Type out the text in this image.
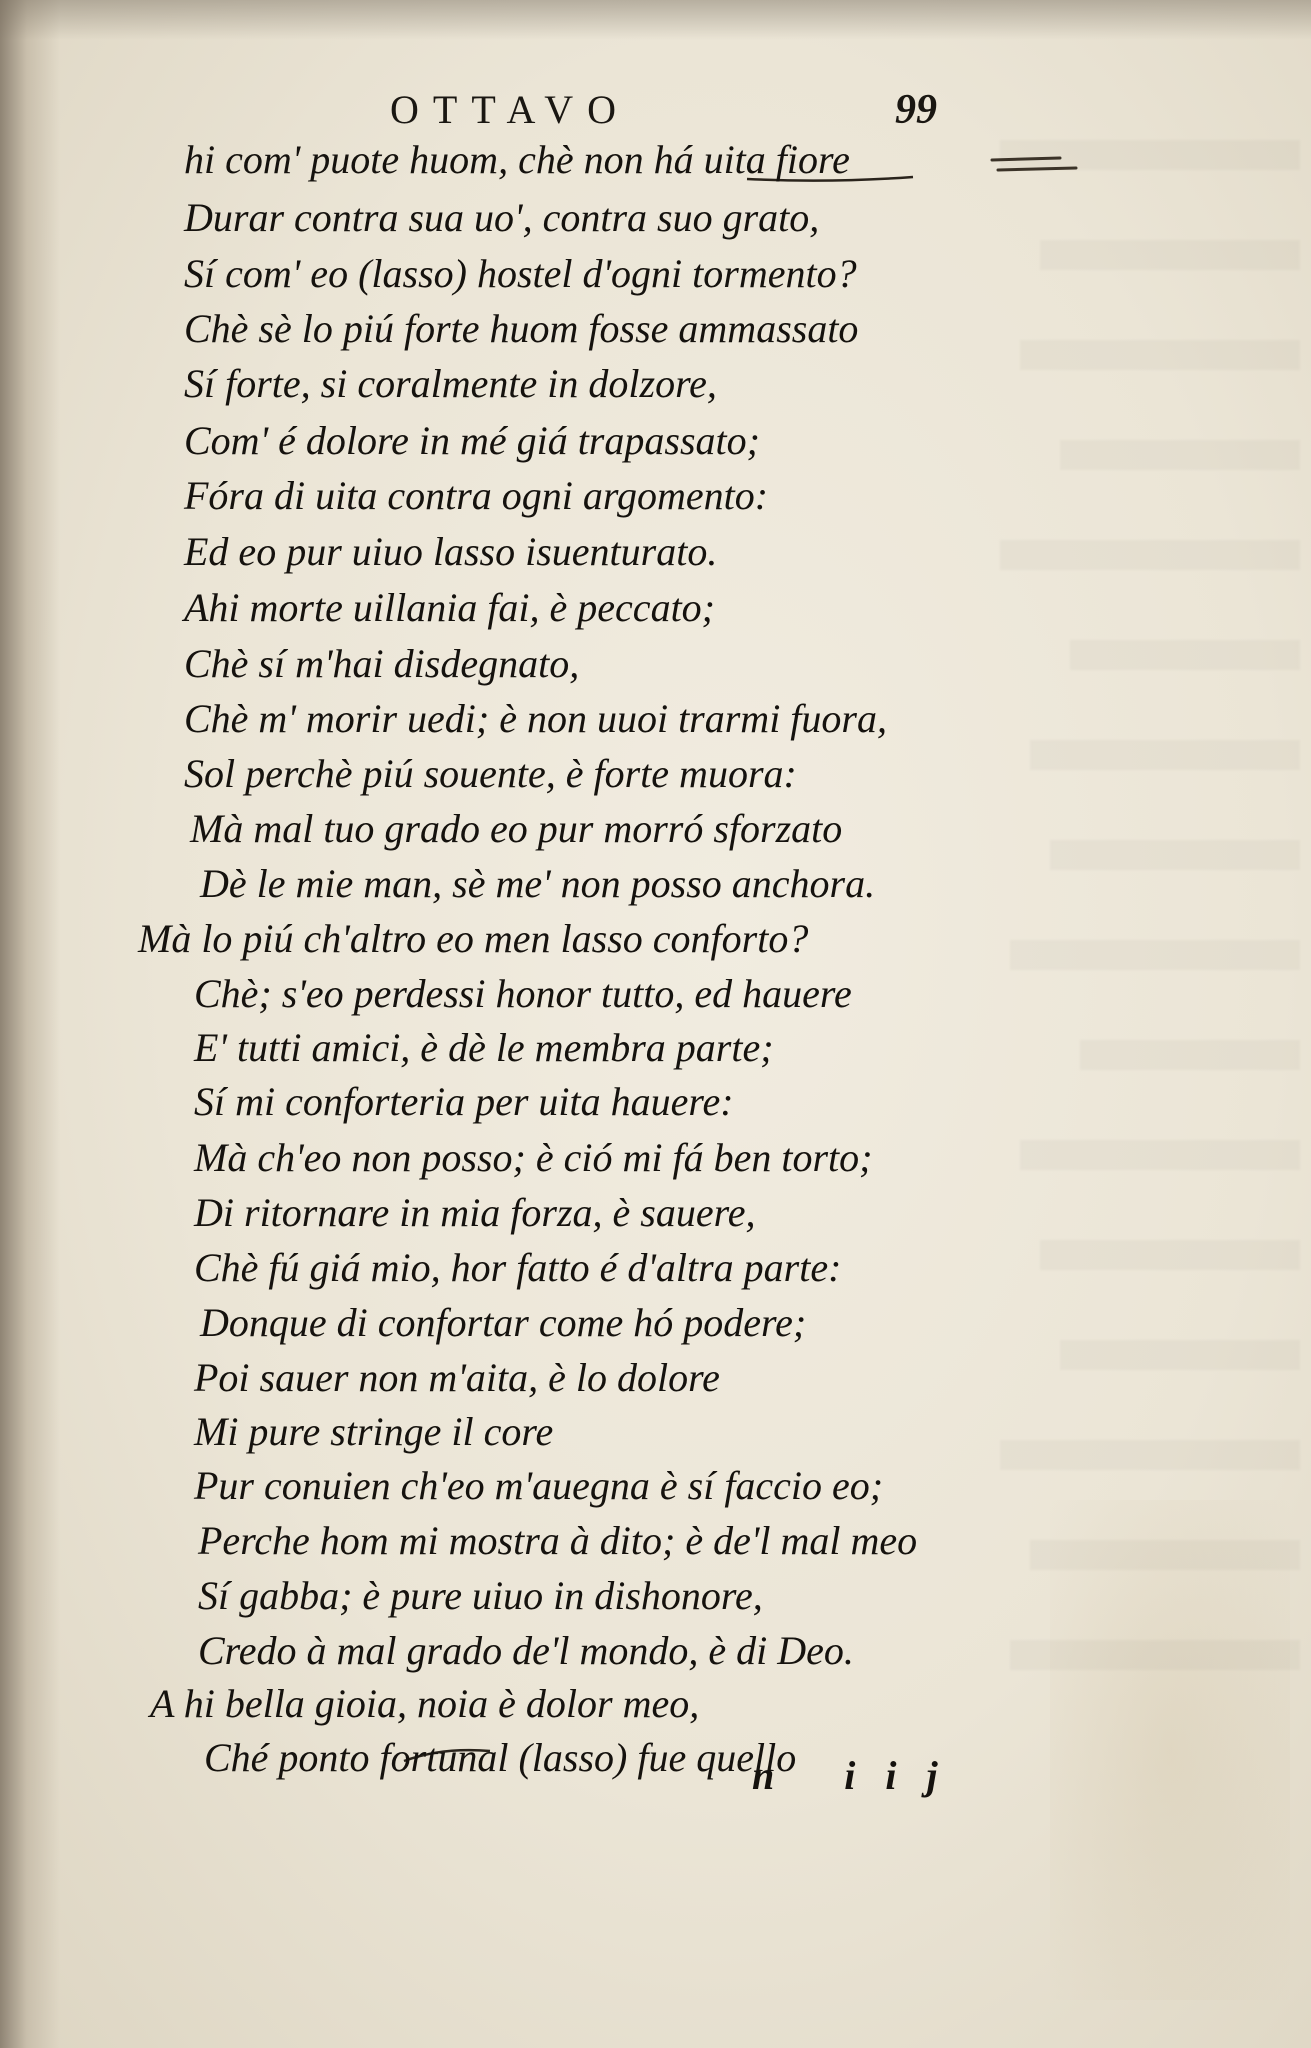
OTTAVO	99
hi com' puote huom, chè non há uita fiore
Durar contra sua uo', contra suo grato,
Sí com' eo (lasso) hostel d'ogni tormento?
Chè sè lo piú forte huom fosse ammassato
Sí forte, si coralmente in dolzore,
Com' é dolore in mé giá trapassato;
Fóra di uita contra ogni argomento:
Ed eo pur uiuo lasso isuenturato.
Ahi morte uillania fai, è peccato;
Chè sí m'hai disdegnato,
Chè m' morir uedi; è non uuoi trarmi fuora,
Sol perchè piú souente, è forte muora:
Mà mal tuo grado eo pur morró sforzato
Dè le mie man, sè me' non posso anchora.
Mà lo piú ch'altro eo men lasso conforto?
Chè; s'eo perdessi honor tutto, ed hauere
E' tutti amici, è dè le membra parte;
Sí mi conforteria per uita hauere:
Mà ch'eo non posso; è ció mi fá ben torto;
Di ritornare in mia forza, è sauere,
Chè fú giá mio, hor fatto é d'altra parte:
Donque di confortar come hó podere;
Poi sauer non m'aita, è lo dolore
Mi pure stringe il core
Pur conuien ch'eo m'auegna è sí faccio eo;
Perche hom mi mostra à dito; è de'l mal meo
Sí gabba; è pure uiuo in dishonore,
Credo à mal grado de'l mondo, è di Deo.
A hi bella gioia, noia è dolor meo,
Ché ponto fortunal (lasso) fue quello
n iij
